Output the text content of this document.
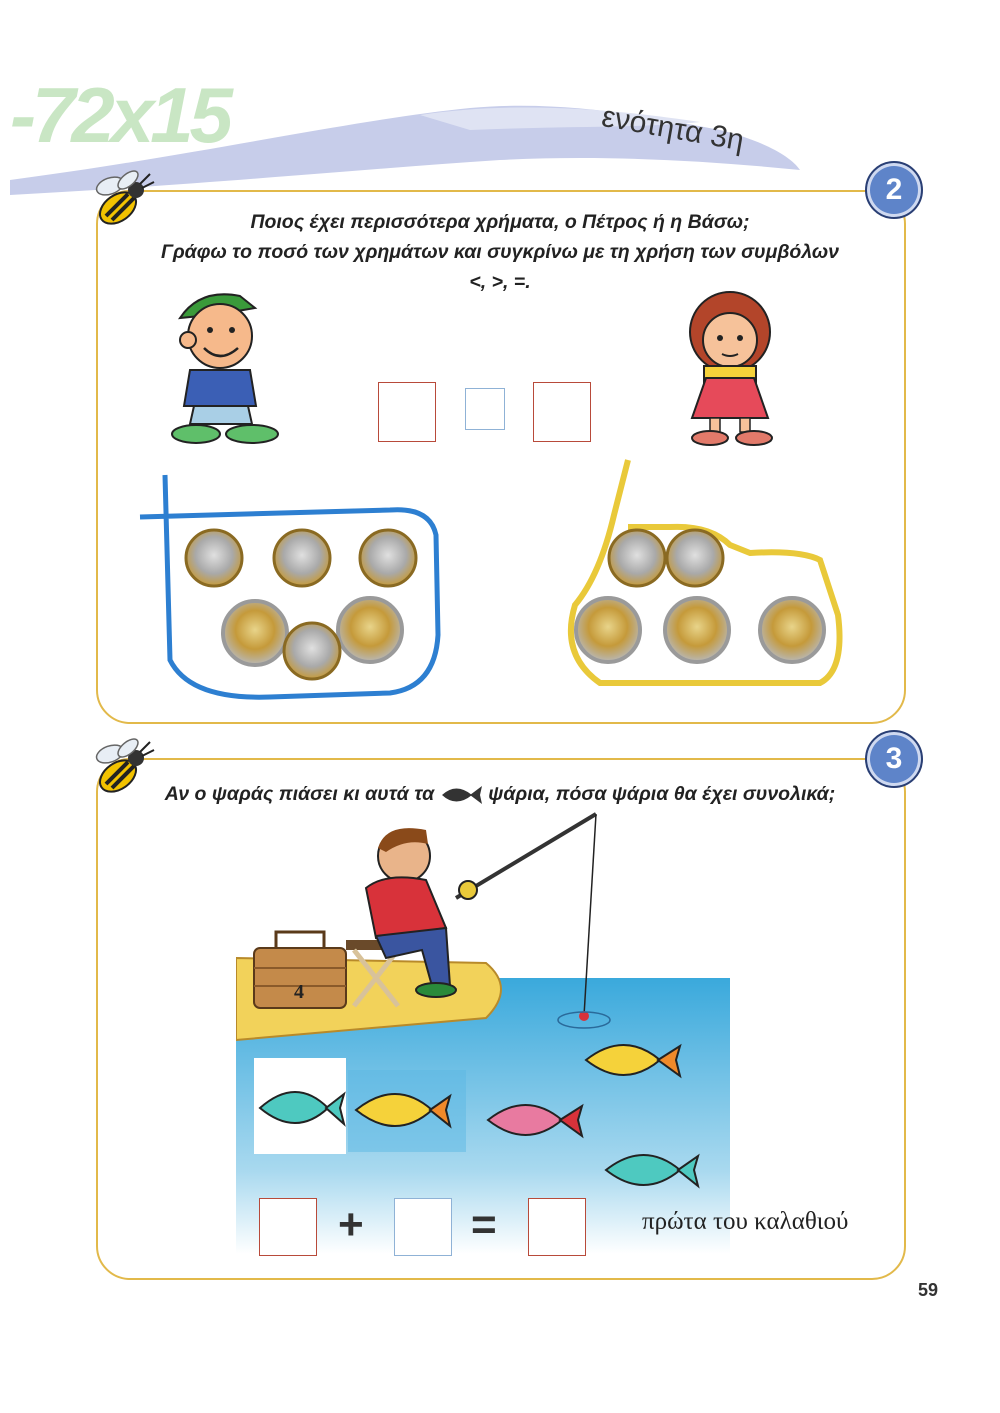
-72x15	ενότητα 3η
2
Ποιος έχει περισσότερα χρήματα, ο Πέτρος ή η Βάσω;
Γράφω το ποσό των χρημάτων και συγκρίνω με τη χρήση των συμβόλων
<, >, =.
3
Αν ο ψαράς πιάσει κι αυτά τα	ψάρια, πόσα ψάρια θα έχει συνολικά;
4
+ =	πρώτα του καλαθιού
59
